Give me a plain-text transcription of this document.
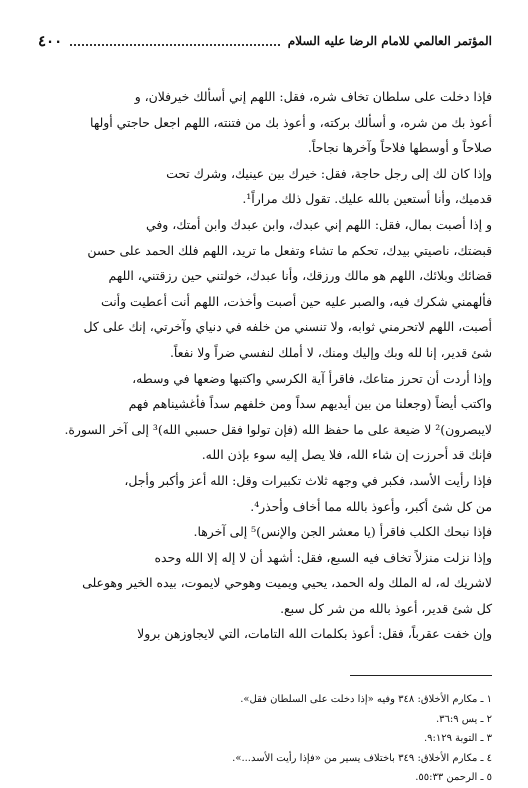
المؤتمر العالمي للامام الرضا عليه السلام
٤٠٠

فإذا دخلت على سلطان تخاف شره، فقل: اللهم إني أسألك خيرفلان، و

أعوذ بك من شره، و أسألك بركته، و أعوذ بك من فتنته، اللهم اجعل حاجتي أولها

صلاحاً و أوسطها فلاحاً وآخرها نجاحاً.

وإذا كان لك إلى رجل حاجة، فقل: خيرك بين عينيك، وشرك تحت

قدميك، وأنا أستعين بالله عليك. تقول ذلك مراراً¹.

و إذا أصبت بمال، فقل: اللهم إني عبدك، وابن عبدك وابن أمتك، وفي

قبضتك، ناصيتي بيدك، تحكم ما تشاء وتفعل ما تريد، اللهم فلك الحمد على حسن

قضائك وبلائك، اللهم هو مالك ورزقك، وأنا عبدك، خولتني حين رزقتني، اللهم

فألهمني شكرك فيه، والصبر عليه حين أصبت وأخذت، اللهم أنت أعطيت وأنت

أصبت، اللهم لاتحرمني ثوابه، ولا تنسني من خلفه في دنياي وآخرتي، إنك على كل

شئ قدير، إنا لله وبك وإليك ومنك، لا أملك لنفسي ضراً ولا نفعاً.

وإذا أردت أن تحرز متاعك، فاقرأ آية الكرسي واكتبها وضعها في وسطه،

واكتب أيضاً (وجعلنا من بين أيديهم سداً ومن خلفهم سداً فأغشيناهم فهم

لايبصرون)² لا ضيعة على ما حفظ الله (فإن تولوا فقل حسبي الله)³ إلى آخر السورة.

فإنك قد أحرزت إن شاء الله، فلا يصل إليه سوء بإذن الله.

فإذا رأيت الأسد، فكبر في وجهه ثلاث تكبيرات وقل: الله أعز وأكبر وأجل،

من كل شئ أكبر، وأعوذ بالله مما أخاف وأحذر⁴.

فإذا نبحك الكلب فاقرأ (يا معشر الجن والإنس)⁵ إلى آخرها.

وإذا نزلت منزلاً تخاف فيه السبع، فقل: أشهد أن لا إله إلا الله وحده

لاشريك له، له الملك وله الحمد، يحيي ويميت وهوحي لايموت، بيده الخير وهوعلى

كل شئ قدير، أعوذ بالله من شر كل سبع.

وإن خفت عقرباً، فقل: أعوذ بكلمات الله التامات، التي لايجاوزهن برولا

١ ـ مكارم الأخلاق: ٣٤٨ وفيه «إذا دخلت على السلطان فقل».
٢ ـ يس ٣٦:٩.
٣ ـ التوبة ٩:١٢٩.
٤ ـ مكارم الأخلاق: ٣٤٩ باختلاف يسير من «فإذا رأيت الأسد...».
٥ ـ الرحمن ٥٥:٣٣.
